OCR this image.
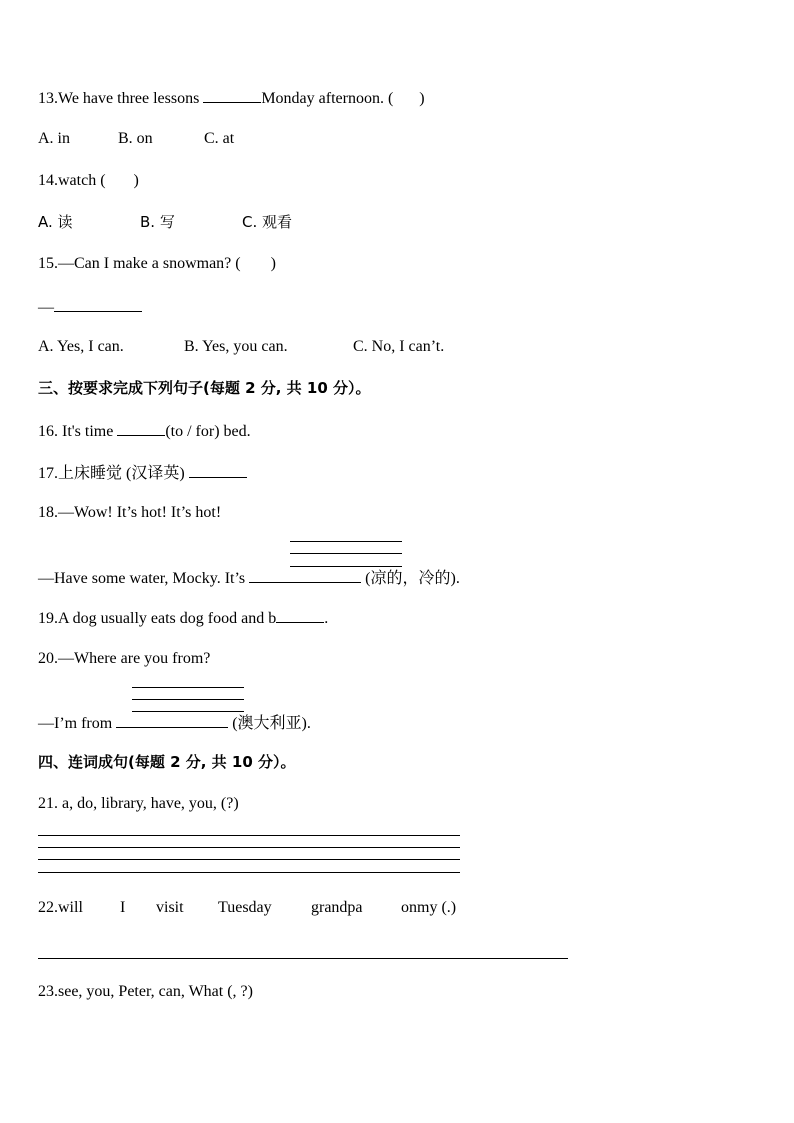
13.We have three lessons	Monday afternoon. ( )
A. in	B. on	C. at
14.watch ( )
A. 读	B. 写	C. 观看
15.—Can I make a snowman? ( )
—
A. Yes, I can.	B. Yes, you can.	C. No, I can’t.
三、按要求完成下列句子(每题 2 分, 共 10 分）。
16. It's time	(to / for) bed.
17.上床睡觉 (汉译英)
18.—Wow! It’s hot! It’s hot!
—Have some water, Mocky. It’s	(凉的，冷的).
19.A dog usually eats dog food and b	.
20.—Where are you from?
—I’m from	(澳大利亚).
四、连词成句(每题 2 分, 共 10 分）。
21. a, do, library, have, you, (?)
22.will I visit Tuesday grandpa onmy (.)
23.see, you, Peter, can, What (, ?)
